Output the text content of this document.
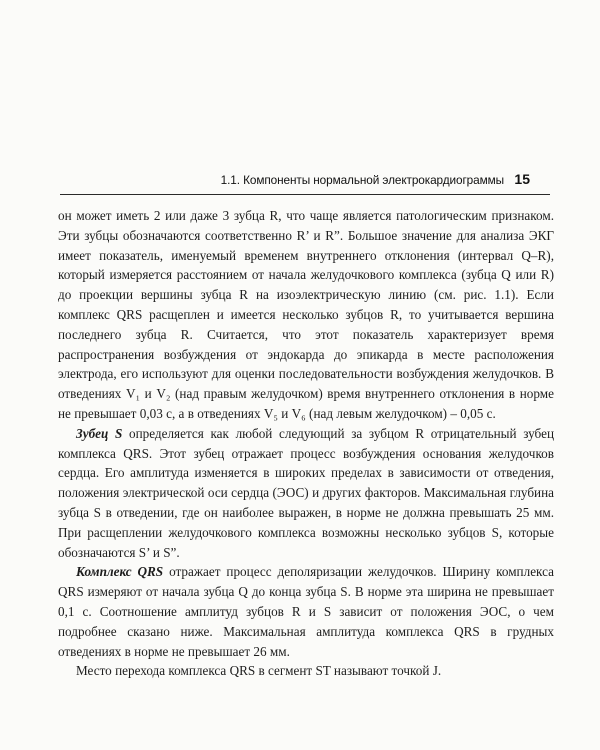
1.1. Компоненты нормальной электрокардиограммы 15

он может иметь 2 или даже 3 зубца R, что чаще является патологическим признаком. Эти зубцы обозначаются соответственно R’ и R”. Большое значение для анализа ЭКГ имеет показатель, именуемый временем внутреннего отклонения (интервал Q–R), который измеряется расстоянием от начала желудочкового комплекса (зубца Q или R) до проекции вершины зубца R на изоэлектрическую линию (см. рис. 1.1). Если комплекс QRS расщеплен и имеется несколько зубцов R, то учитывается вершина последнего зубца R. Считается, что этот показатель характеризует время распространения возбуждения от эндокарда до эпикарда в месте расположения электрода, его используют для оценки последовательности возбуждения желудочков. В отведениях V₁ и V₂ (над правым желудочком) время внутреннего отклонения в норме не превышает 0,03 с, а в отведениях V₅ и V₆ (над левым желудочком) – 0,05 с.

Зубец S определяется как любой следующий за зубцом R отрицательный зубец комплекса QRS. Этот зубец отражает процесс возбуждения основания желудочков сердца. Его амплитуда изменяется в широких пределах в зависимости от отведения, положения электрической оси сердца (ЭОС) и других факторов. Максимальная глубина зубца S в отведении, где он наиболее выражен, в норме не должна превышать 25 мм. При расщеплении желудочкового комплекса возможны несколько зубцов S, которые обозначаются S’ и S”.

Комплекс QRS отражает процесс деполяризации желудочков. Ширину комплекса QRS измеряют от начала зубца Q до конца зубца S. В норме эта ширина не превышает 0,1 с. Соотношение амплитуд зубцов R и S зависит от положения ЭОС, о чем подробнее сказано ниже. Максимальная амплитуда комплекса QRS в грудных отведениях в норме не превышает 26 мм.

Место перехода комплекса QRS в сегмент ST называют точкой J.
